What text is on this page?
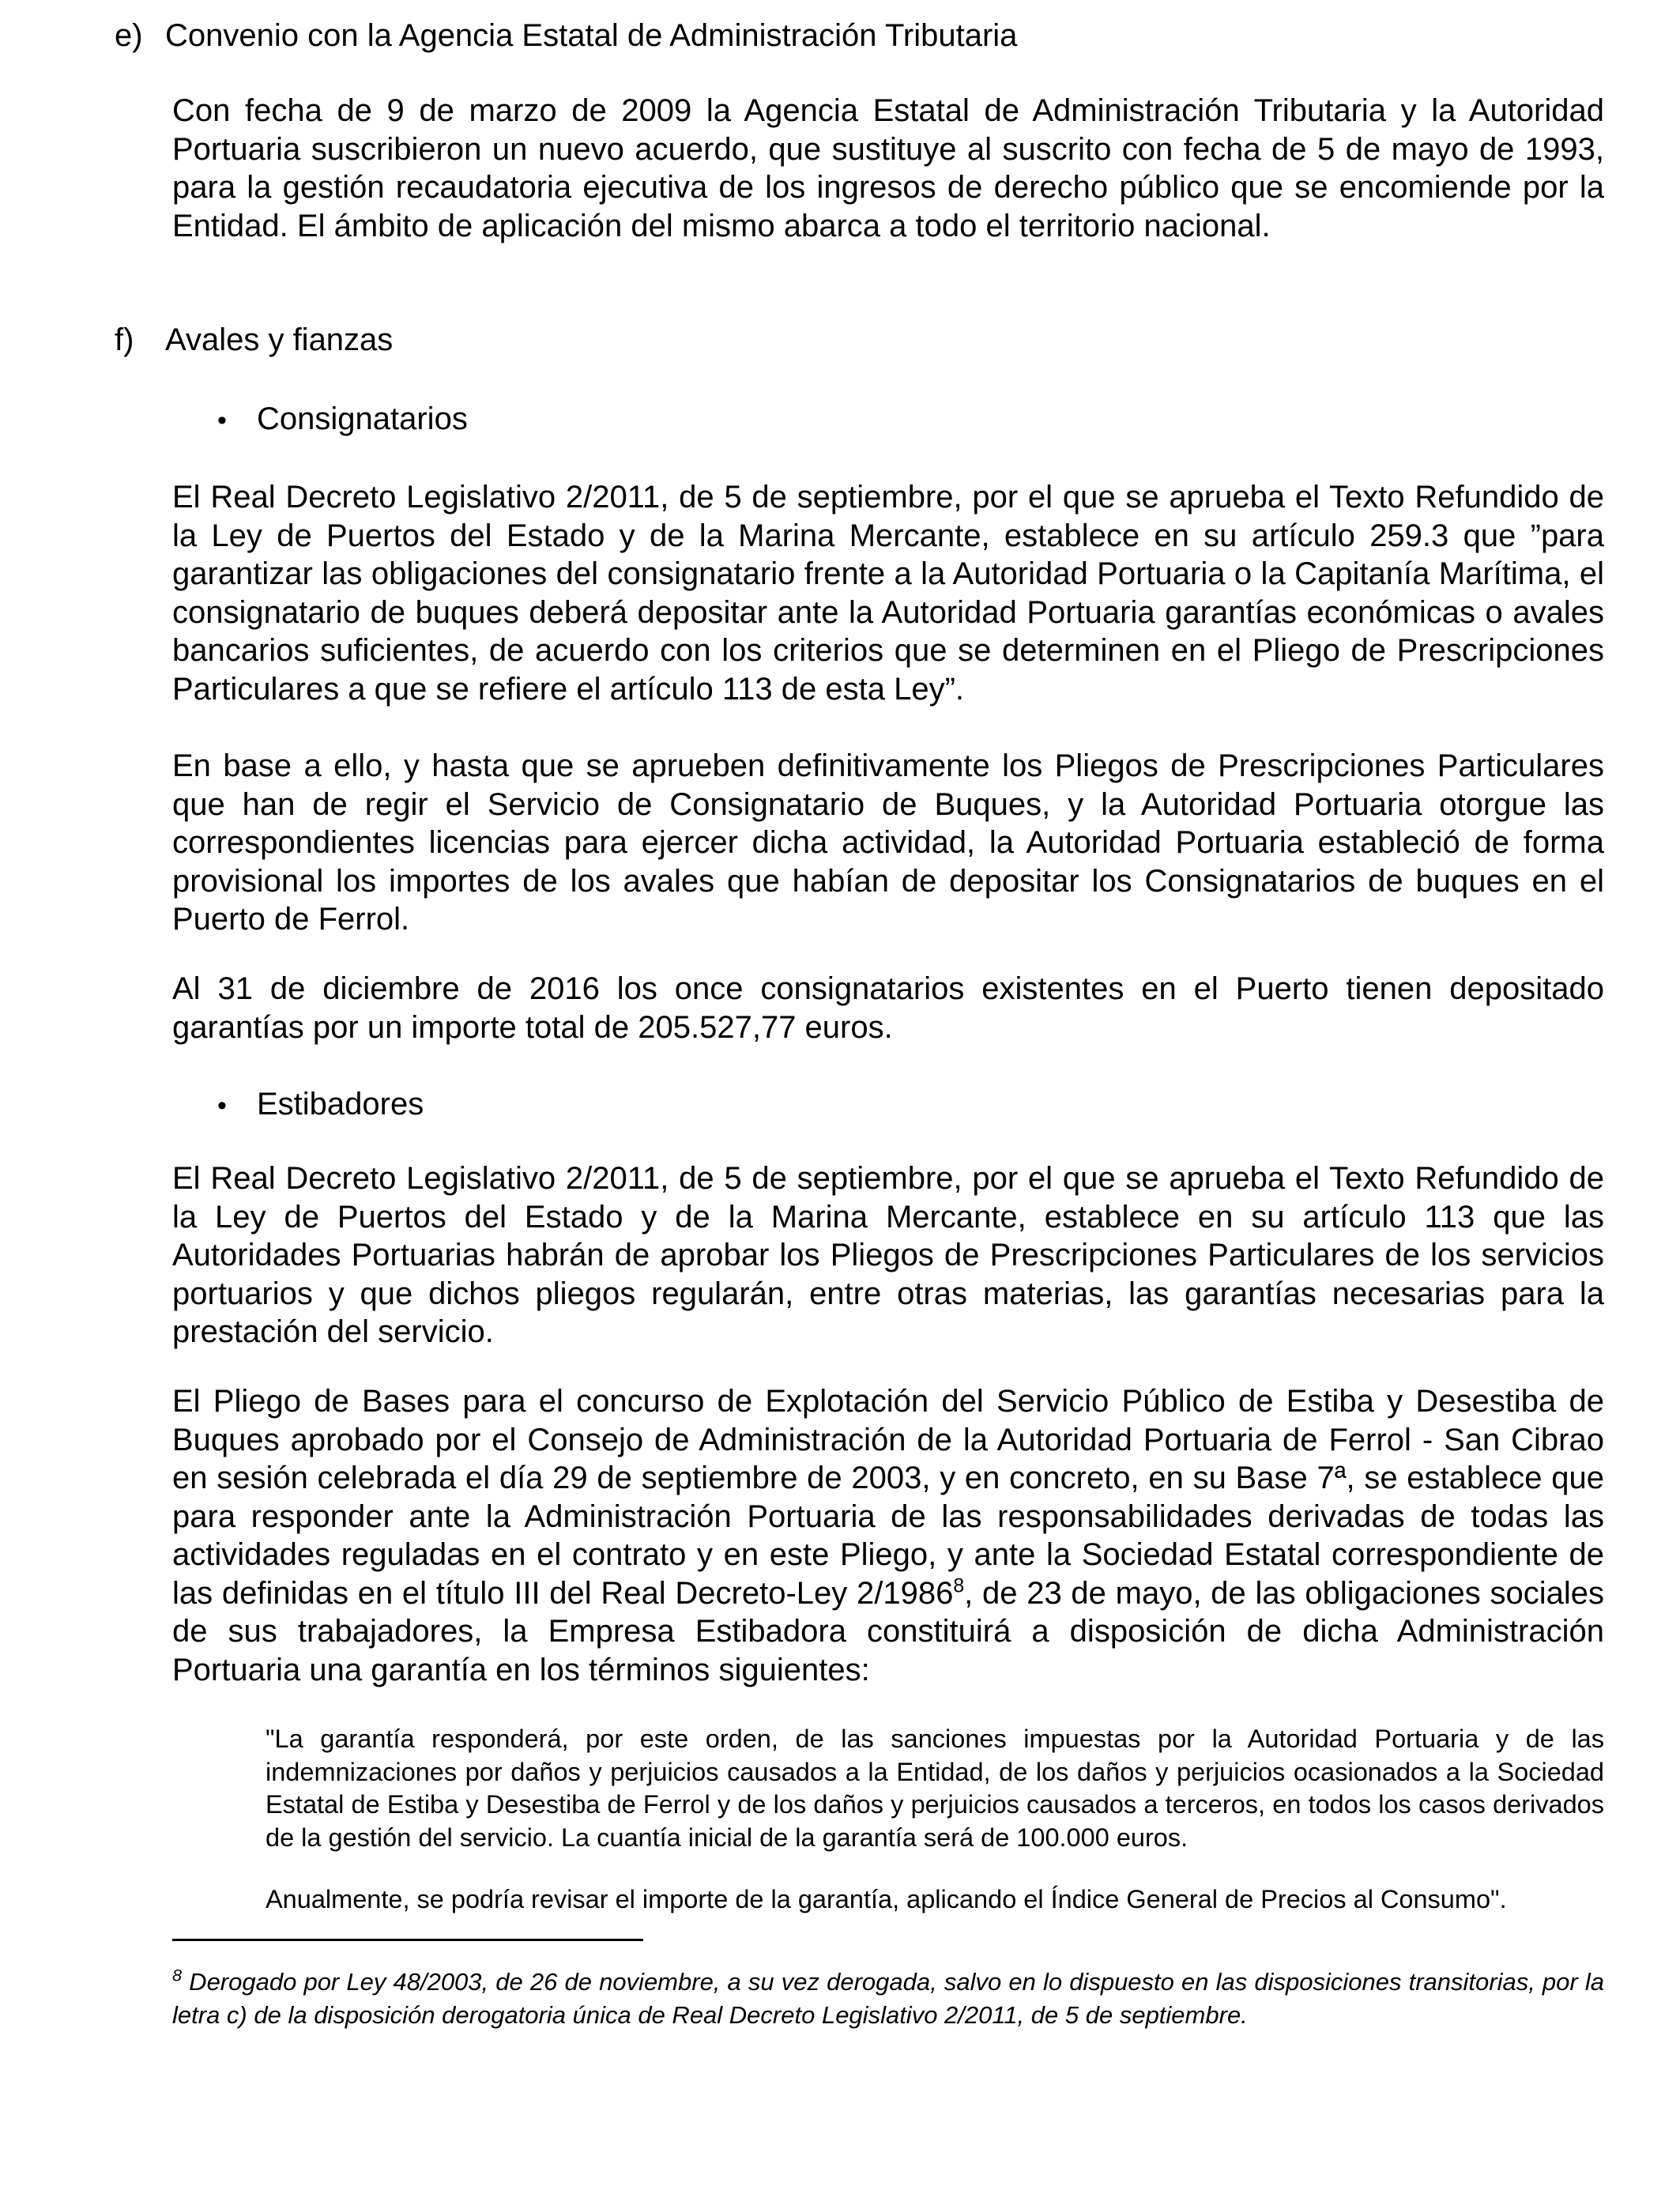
e) Convenio con la Agencia Estatal de Administración Tributaria

Con fecha de 9 de marzo de 2009 la Agencia Estatal de Administración Tributaria y la Autoridad Portuaria suscribieron un nuevo acuerdo, que sustituye al suscrito con fecha de 5 de mayo de 1993, para la gestión recaudatoria ejecutiva de los ingresos de derecho público que se encomiende por la Entidad. El ámbito de aplicación del mismo abarca a todo el territorio nacional.

f) Avales y fianzas
• Consignatarios

El Real Decreto Legislativo 2/2011, de 5 de septiembre, por el que se aprueba el Texto Refundido de la Ley de Puertos del Estado y de la Marina Mercante, establece en su artículo 259.3 que ”para garantizar las obligaciones del consignatario frente a la Autoridad Portuaria o la Capitanía Marítima, el consignatario de buques deberá depositar ante la Autoridad Portuaria garantías económicas o avales bancarios suficientes, de acuerdo con los criterios que se determinen en el Pliego de Prescripciones Particulares a que se refiere el artículo 113 de esta Ley”.

En base a ello, y hasta que se aprueben definitivamente los Pliegos de Prescripciones Particulares que han de regir el Servicio de Consignatario de Buques, y la Autoridad Portuaria otorgue las correspondientes licencias para ejercer dicha actividad, la Autoridad Portuaria estableció de forma provisional los importes de los avales que habían de depositar los Consignatarios de buques en el Puerto de Ferrol.

Al 31 de diciembre de 2016 los once consignatarios existentes en el Puerto tienen depositado garantías por un importe total de 205.527,77 euros.

• Estibadores

El Real Decreto Legislativo 2/2011, de 5 de septiembre, por el que se aprueba el Texto Refundido de la Ley de Puertos del Estado y de la Marina Mercante, establece en su artículo 113 que las Autoridades Portuarias habrán de aprobar los Pliegos de Prescripciones Particulares de los servicios portuarios y que dichos pliegos regularán, entre otras materias, las garantías necesarias para la prestación del servicio.

El Pliego de Bases para el concurso de Explotación del Servicio Público de Estiba y Desestiba de Buques aprobado por el Consejo de Administración de la Autoridad Portuaria de Ferrol - San Cibrao en sesión celebrada el día 29 de septiembre de 2003, y en concreto, en su Base 7ª, se establece que para responder ante la Administración Portuaria de las responsabilidades derivadas de todas las actividades reguladas en el contrato y en este Pliego, y ante la Sociedad Estatal correspondiente de las definidas en el título III del Real Decreto-Ley 2/1986$^8$, de 23 de mayo, de las obligaciones sociales de sus trabajadores, la Empresa Estibadora constituirá a disposición de dicha Administración Portuaria una garantía en los términos siguientes:

"La garantía responderá, por este orden, de las sanciones impuestas por la Autoridad Portuaria y de las indemnizaciones por daños y perjuicios causados a la Entidad, de los daños y perjuicios ocasionados a la Sociedad Estatal de Estiba y Desestiba de Ferrol y de los daños y perjuicios causados a terceros, en todos los casos derivados de la gestión del servicio. La cuantía inicial de la garantía será de 100.000 euros.

Anualmente, se podría revisar el importe de la garantía, aplicando el Índice General de Precios al Consumo".

$^8$ Derogado por Ley 48/2003, de 26 de noviembre, a su vez derogada, salvo en lo dispuesto en las disposiciones transitorias, por la letra c) de la disposición derogatoria única de Real Decreto Legislativo 2/2011, de 5 de septiembre.
